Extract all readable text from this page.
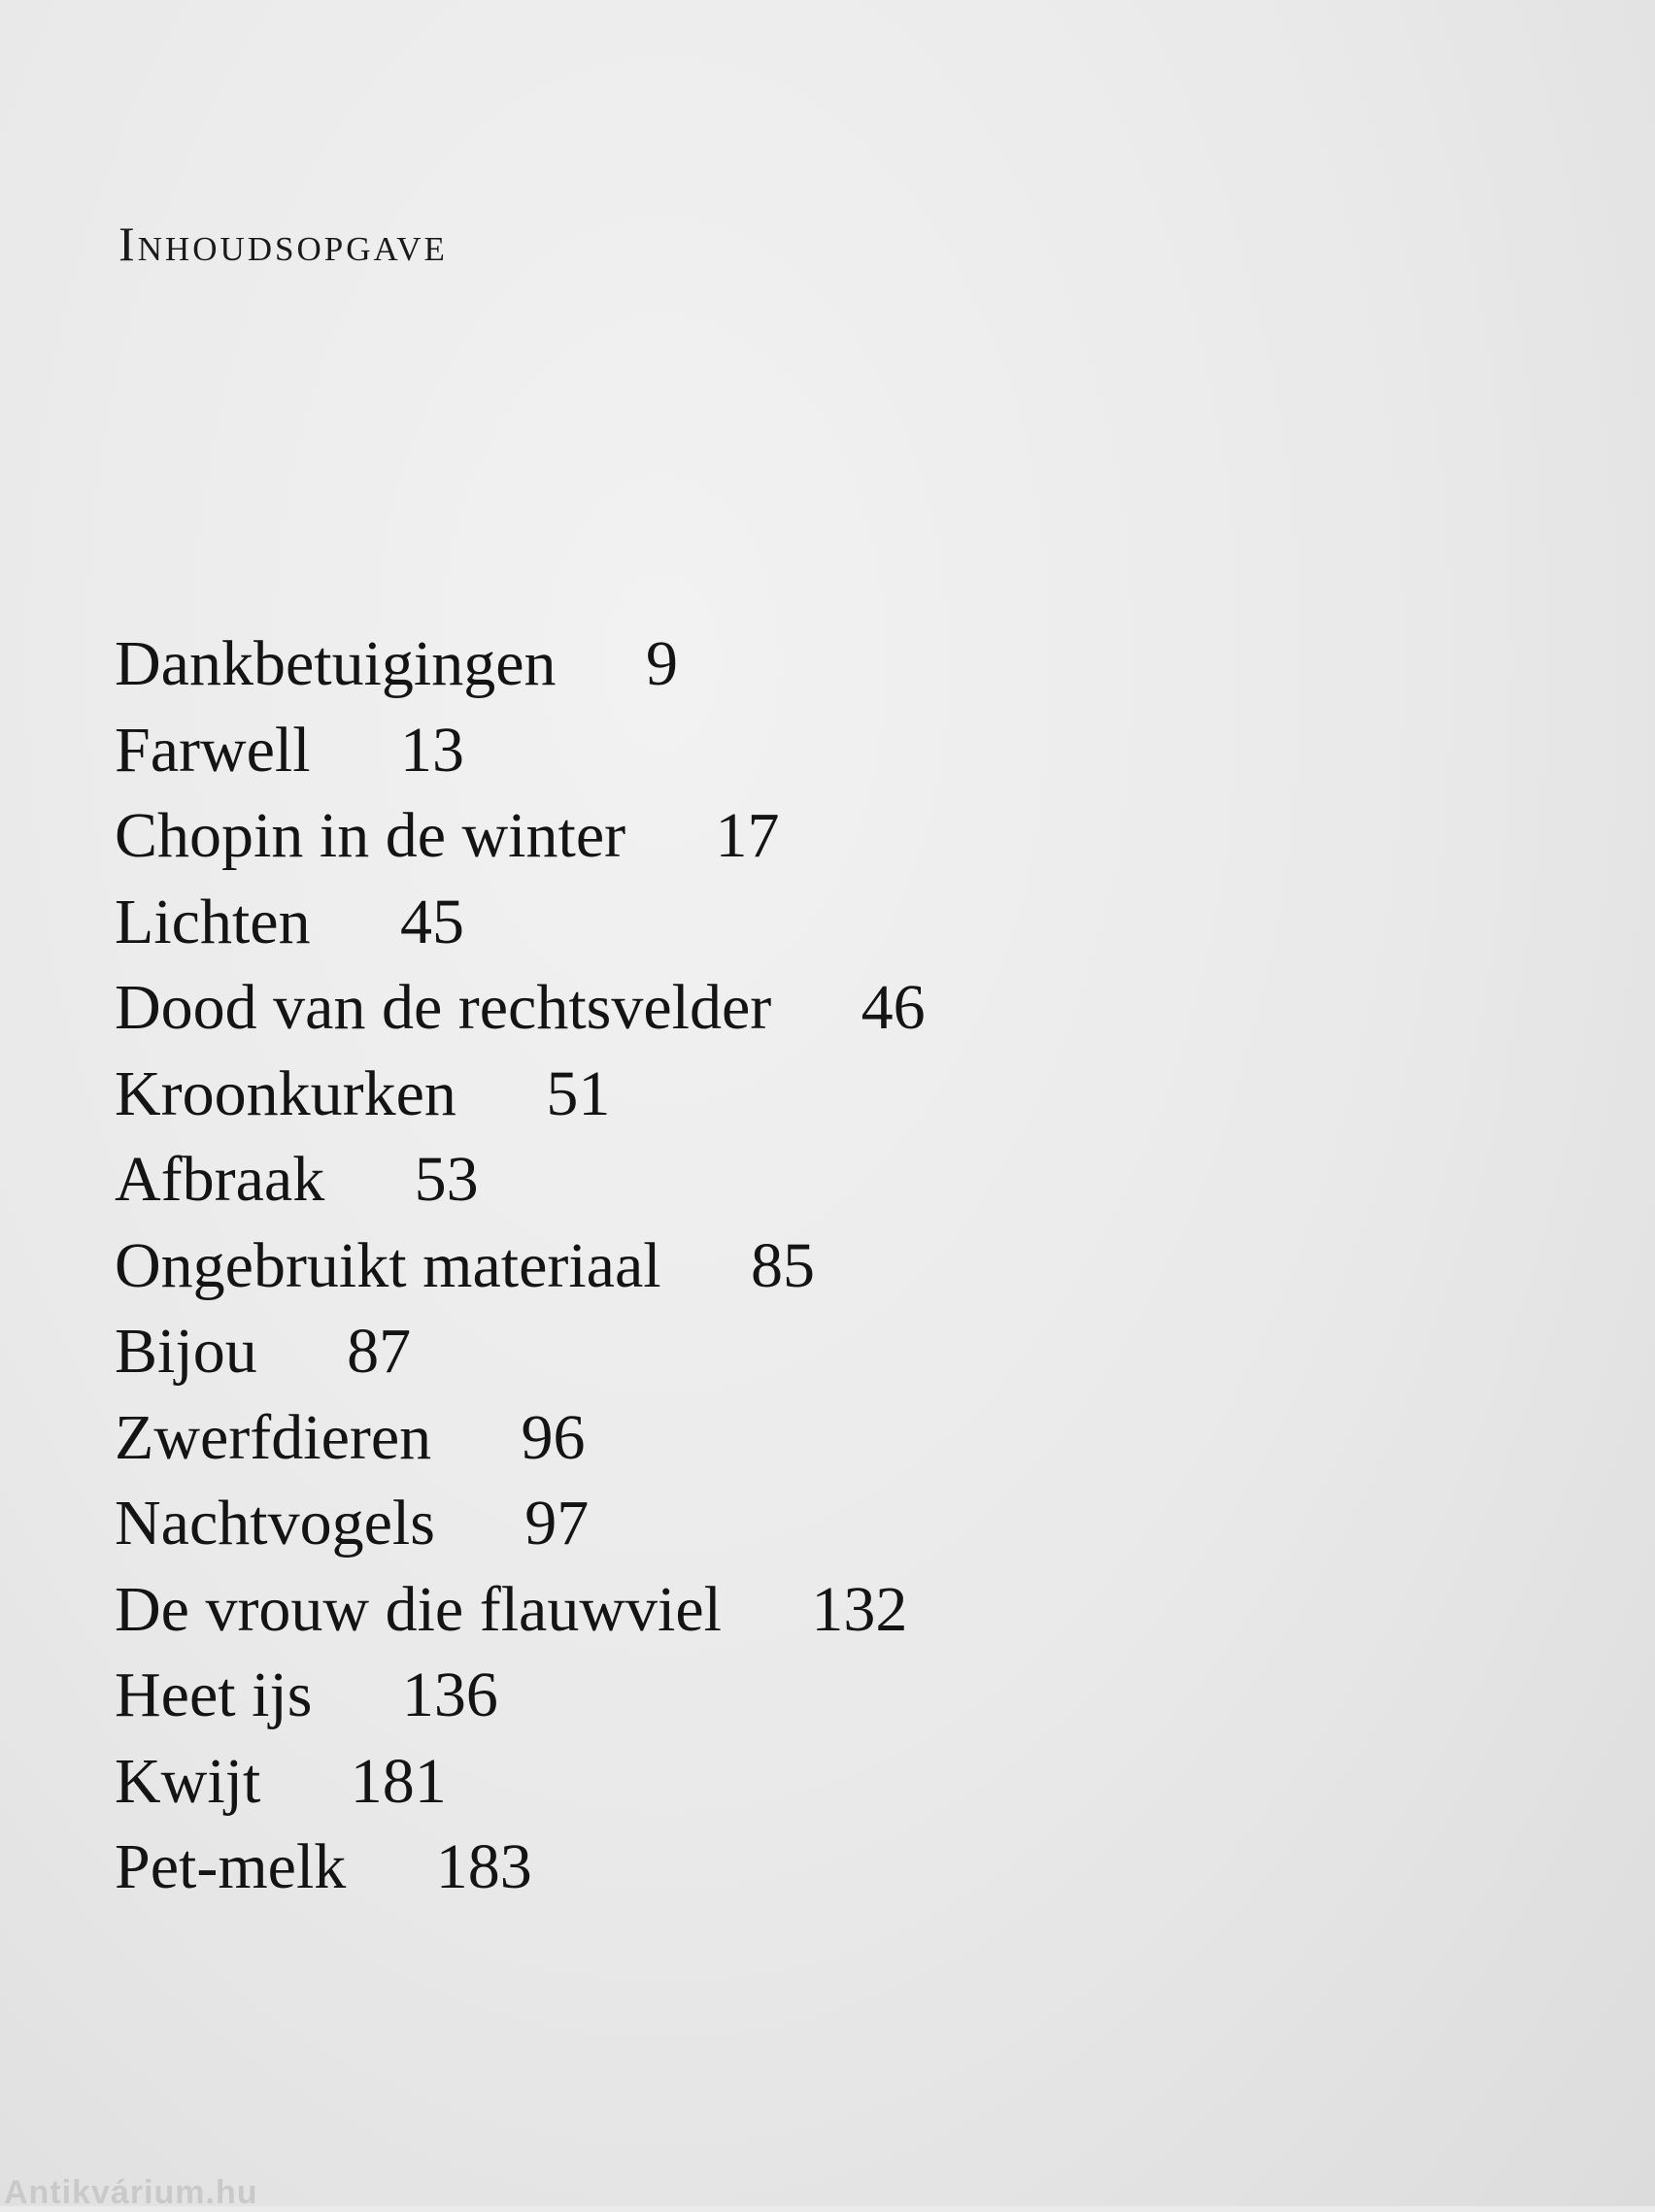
Inhoudsopgave
Dankbetuigingen 9
Farwell 13
Chopin in de winter 17
Lichten 45
Dood van de rechtsvelder 46
Kroonkurken 51
Afbraak 53
Ongebruikt materiaal 85
Bijou 87
Zwerfdieren 96
Nachtvogels 97
De vrouw die flauwviel 132
Heet ijs 136
Kwijt 181
Pet-melk 183
Antikvárium.hu
